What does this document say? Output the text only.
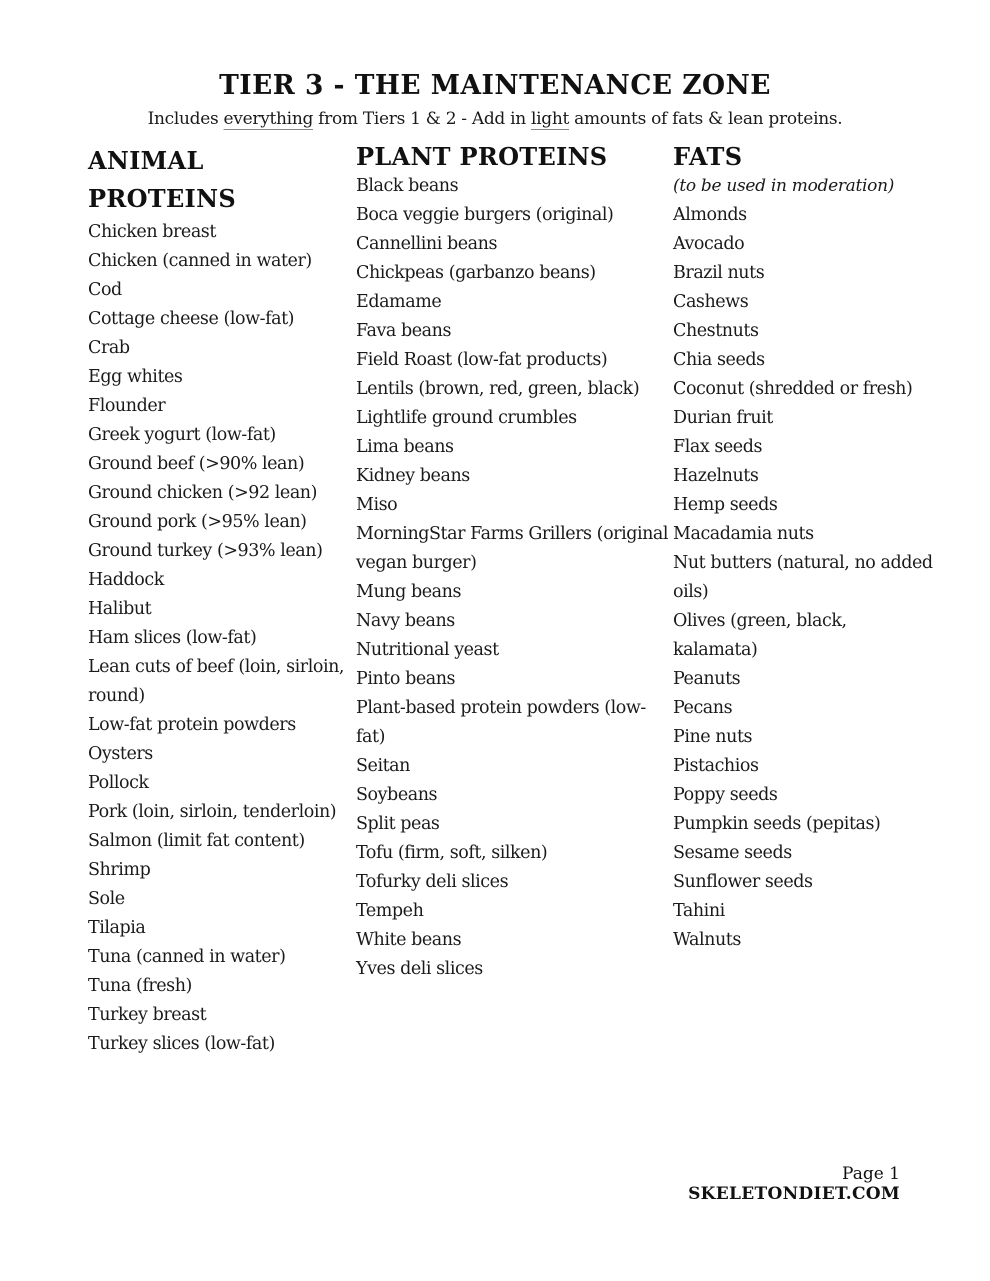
TIER 3 - THE MAINTENANCE ZONE

Includes everything from Tiers 1 & 2 - Add in light amounts of fats & lean proteins.

ANIMAL PROTEINS
Chicken breast
Chicken (canned in water)
Cod
Cottage cheese (low-fat)
Crab
Egg whites
Flounder
Greek yogurt (low-fat)
Ground beef (>90% lean)
Ground chicken (>92 lean)
Ground pork (>95% lean)
Ground turkey (>93% lean)
Haddock
Halibut
Ham slices (low-fat)
Lean cuts of beef (loin, sirloin, round)
Low-fat protein powders
Oysters
Pollock
Pork (loin, sirloin, tenderloin)
Salmon (limit fat content)
Shrimp
Sole
Tilapia
Tuna (canned in water)
Tuna (fresh)
Turkey breast
Turkey slices (low-fat)
PLANT PROTEINS
Black beans
Boca veggie burgers (original)
Cannellini beans
Chickpeas (garbanzo beans)
Edamame
Fava beans
Field Roast (low-fat products)
Lentils (brown, red, green, black)
Lightlife ground crumbles
Lima beans
Kidney beans
Miso
MorningStar Farms Grillers (original vegan burger)
Mung beans
Navy beans
Nutritional yeast
Pinto beans
Plant-based protein powders (low-fat)
Seitan
Soybeans
Split peas
Tofu (firm, soft, silken)
Tofurky deli slices
Tempeh
White beans
Yves deli slices
FATS
(to be used in moderation)
Almonds
Avocado
Brazil nuts
Cashews
Chestnuts
Chia seeds
Coconut (shredded or fresh)
Durian fruit
Flax seeds
Hazelnuts
Hemp seeds
Macadamia nuts
Nut butters (natural, no added oils)
Olives (green, black, kalamata)
Peanuts
Pecans
Pine nuts
Pistachios
Poppy seeds
Pumpkin seeds (pepitas)
Sesame seeds
Sunflower seeds
Tahini
Walnuts
Page 1
SKELETONDIET.COM
